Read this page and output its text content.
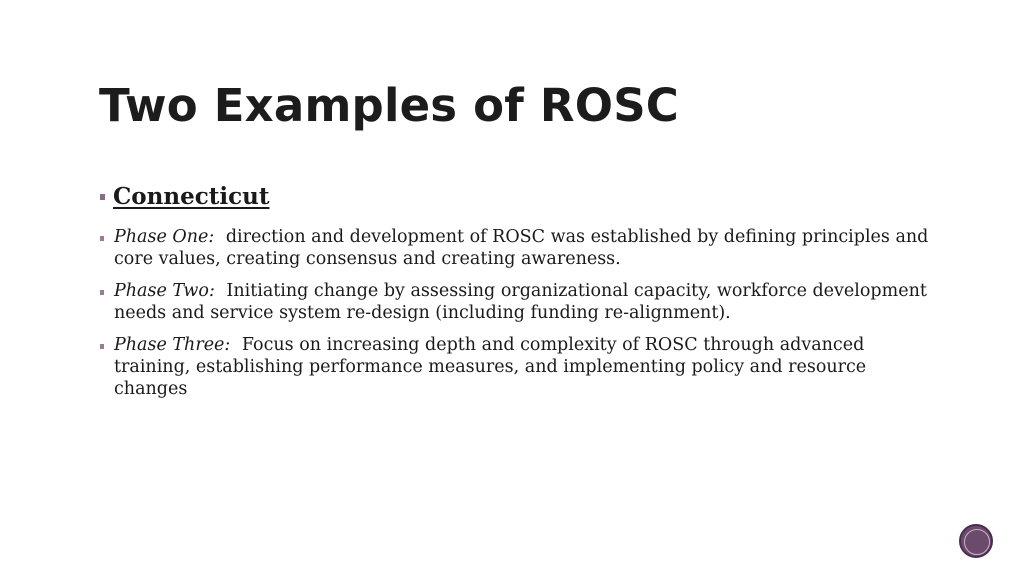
Two Examples of ROSC
Connecticut
Phase One: direction and development of ROSC was established by defining principles and core values, creating consensus and creating awareness.
Phase Two: Initiating change by assessing organizational capacity, workforce development needs and service system re-design (including funding re-alignment).
Phase Three: Focus on increasing depth and complexity of ROSC through advanced training, establishing performance measures, and implementing policy and resource changes
